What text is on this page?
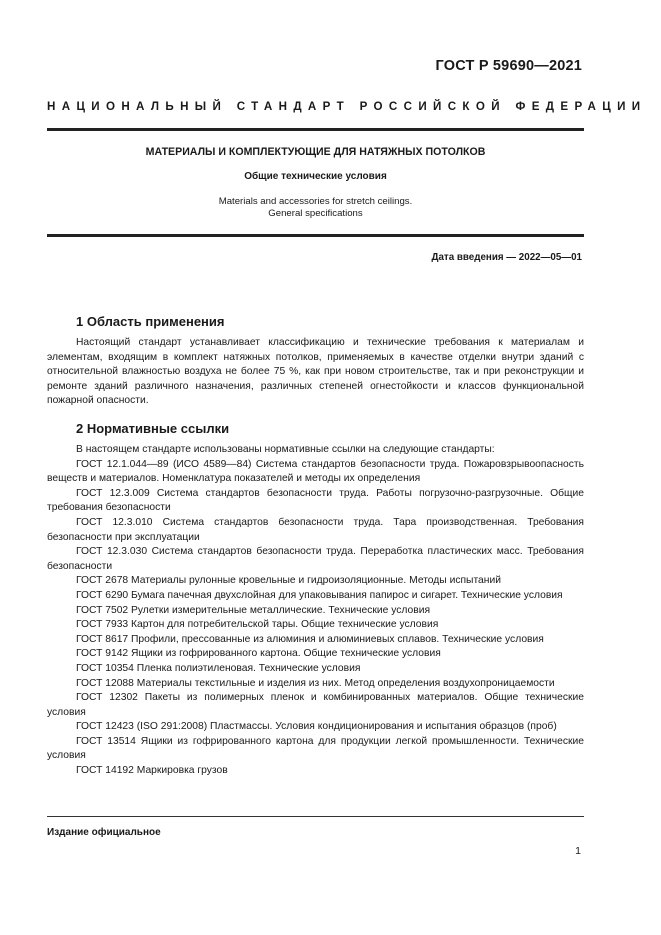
ГОСТ Р 59690—2021
НАЦИОНАЛЬНЫЙ СТАНДАРТ РОССИЙСКОЙ ФЕДЕРАЦИИ
МАТЕРИАЛЫ И КОМПЛЕКТУЮЩИЕ ДЛЯ НАТЯЖНЫХ ПОТОЛКОВ
Общие технические условия
Materials and accessories for stretch ceilings.
General specifications
Дата введения — 2022—05—01
1 Область применения

Настоящий стандарт устанавливает классификацию и технические требования к материалам и элементам, входящим в комплект натяжных потолков, применяемых в качестве отделки внутри зданий с относительной влажностью воздуха не более 75 %, как при новом строительстве, так и при реконструкции и ремонте зданий различного назначения, различных степеней огнестойкости и классов функциональной пожарной опасности.

2 Нормативные ссылки

В настоящем стандарте использованы нормативные ссылки на следующие стандарты:

ГОСТ 12.1.044—89 (ИСО 4589—84) Система стандартов безопасности труда. Пожаровзрывоопасность веществ и материалов. Номенклатура показателей и методы их определения

ГОСТ 12.3.009 Система стандартов безопасности труда. Работы погрузочно-разгрузочные. Общие требования безопасности

ГОСТ 12.3.010 Система стандартов безопасности труда. Тара производственная. Требования безопасности при эксплуатации

ГОСТ 12.3.030 Система стандартов безопасности труда. Переработка пластических масс. Требования безопасности

ГОСТ 2678 Материалы рулонные кровельные и гидроизоляционные. Методы испытаний

ГОСТ 6290 Бумага пачечная двухслойная для упаковывания папирос и сигарет. Технические условия

ГОСТ 7502 Рулетки измерительные металлические. Технические условия

ГОСТ 7933 Картон для потребительской тары. Общие технические условия

ГОСТ 8617 Профили, прессованные из алюминия и алюминиевых сплавов. Технические условия

ГОСТ 9142 Ящики из гофрированного картона. Общие технические условия

ГОСТ 10354 Пленка полиэтиленовая. Технические условия

ГОСТ 12088 Материалы текстильные и изделия из них. Метод определения воздухопроницаемости

ГОСТ 12302 Пакеты из полимерных пленок и комбинированных материалов. Общие технические условия

ГОСТ 12423 (ISO 291:2008) Пластмассы. Условия кондиционирования и испытания образцов (проб)

ГОСТ 13514 Ящики из гофрированного картона для продукции легкой промышленности. Технические условия

ГОСТ 14192 Маркировка грузов

Издание официальное
1
